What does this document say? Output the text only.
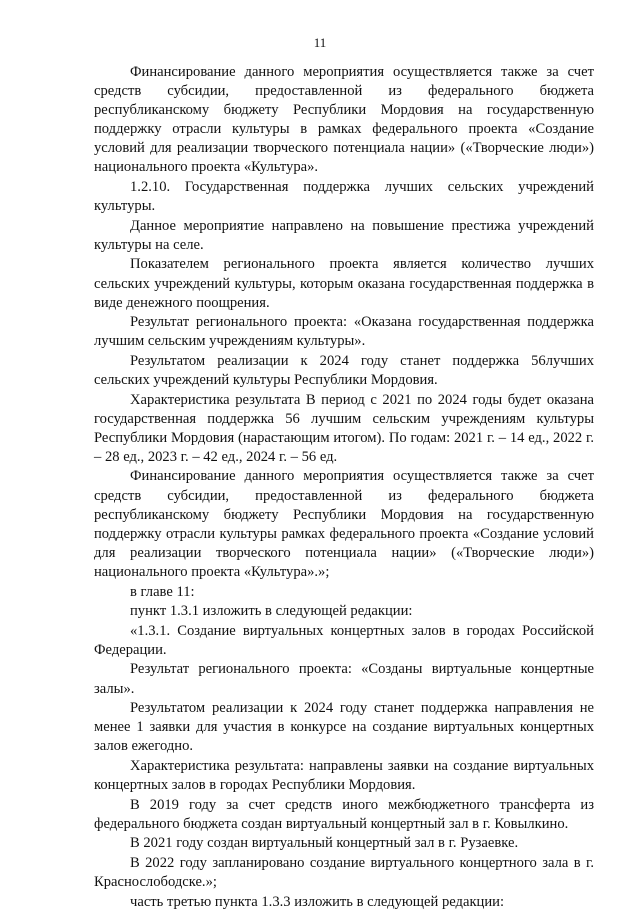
11

Финансирование данного мероприятия осуществляется также за счет средств субсидии, предоставленной из федерального бюджета республиканскому бюджету Республики Мордовия на государственную поддержку отрасли культуры в рамках федерального проекта «Создание условий для реализации творческого потенциала нации» («Творческие люди») национального проекта «Культура».

1.2.10. Государственная поддержка лучших сельских учреждений культуры.

Данное мероприятие направлено на повышение престижа учреждений культуры на селе.

Показателем регионального проекта является количество лучших сельских учреждений культуры, которым оказана государственная поддержка в виде денежного поощрения.

Результат регионального проекта: «Оказана государственная поддержка лучшим сельским учреждениям культуры».

Результатом реализации к 2024 году станет поддержка 56лучших сельских учреждений культуры Республики Мордовия.

Характеристика результата В период с 2021 по 2024 годы будет оказана государственная поддержка 56 лучшим сельским учреждениям культуры Республики Мордовия (нарастающим итогом). По годам: 2021 г. – 14 ед., 2022 г. – 28 ед., 2023 г. – 42 ед., 2024 г. – 56 ед.

Финансирование данного мероприятия осуществляется также за счет средств субсидии, предоставленной из федерального бюджета республиканскому бюджету Республики Мордовия на государственную поддержку отрасли культуры рамках федерального проекта «Создание условий для реализации творческого потенциала нации» («Творческие люди») национального проекта «Культура».»;

в главе 11:

пункт 1.3.1 изложить в следующей редакции:

«1.3.1. Создание виртуальных концертных залов в городах Российской Федерации.

Результат регионального проекта: «Созданы виртуальные концертные залы».

Результатом реализации к 2024 году станет поддержка направления не менее 1 заявки для участия в конкурсе на создание виртуальных концертных залов ежегодно.

Характеристика результата: направлены заявки на создание виртуальных концертных залов в городах Республики Мордовия.

В 2019 году за счет средств иного межбюджетного трансферта из федерального бюджета создан виртуальный концертный зал в г. Ковылкино.

В 2021 году создан виртуальный концертный зал в г. Рузаевке.

В 2022 году запланировано создание виртуального концертного зала в г. Краснослободске.»;

часть третью пункта 1.3.3 изложить в следующей редакции:
